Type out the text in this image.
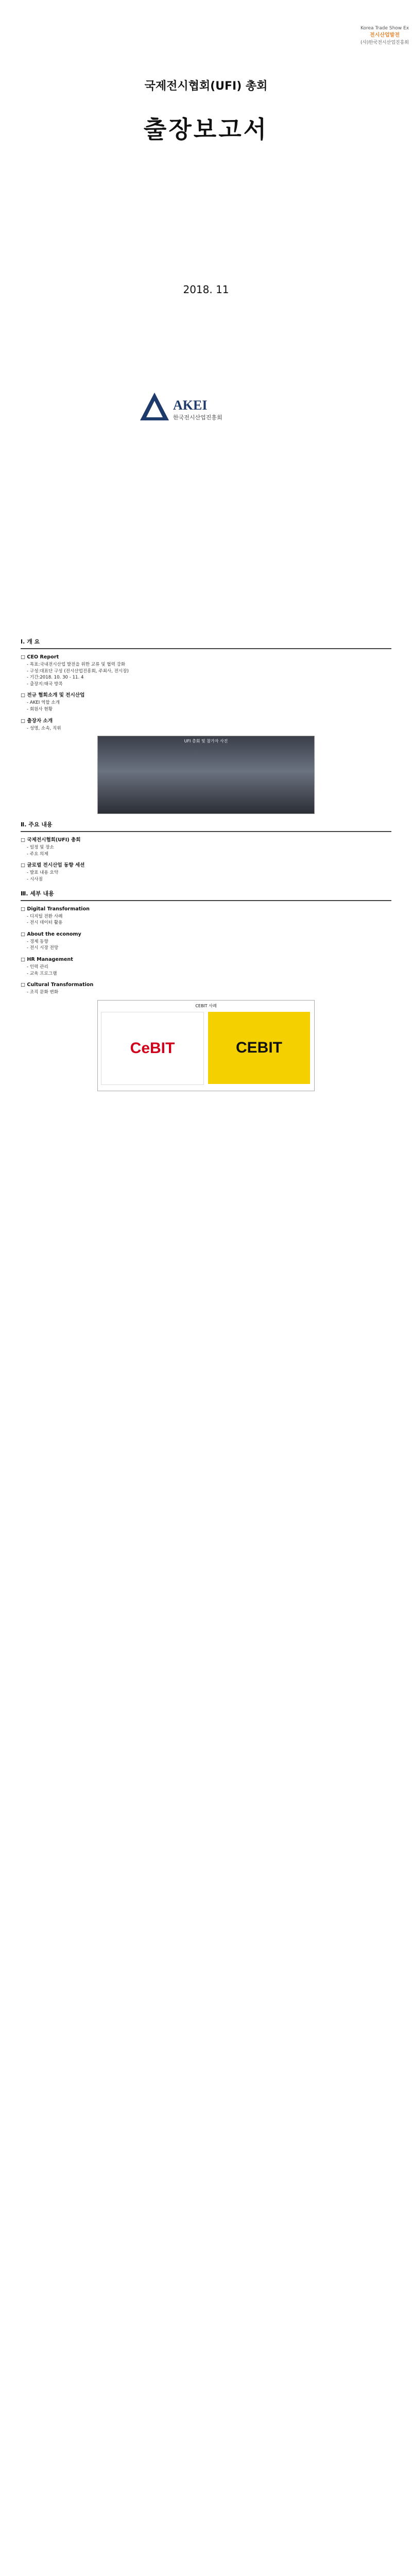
Korea Trade Show Ex
전시산업발전
(사)한국전시산업진흥회
국제전시협회(UFI) 총회
출장보고서
2018. 11
AKEI
한국전시산업진흥회
Ⅰ. 개 요
□ CEO Report
- 목표:국내전시산업 발전을 위한 교류 및 협력 강화
- 구성:대표단 구성 (전시산업진흥회, 주최사, 전시장)
- 기간:2018. 10. 30 - 11. 4
- 출장지:태국 방콕
□ 전규 협회소개 및 전시산업
- AKEI 역할 소개
- 회원사 현황
□ 출장자 소개
- 성명, 소속, 직위
UFI 총회 및 참가자 사진
Ⅱ. 주요 내용
□ 국제전시협회(UFI) 총회
- 일정 및 장소
- 주요 의제
□ 글로벌 전시산업 동향 세션
- 발표 내용 요약
- 시사점
Ⅲ. 세부 내용
□ Digital Transformation
- 디지털 전환 사례
- 전시 데이터 활용
□ About the economy
- 경제 동향
- 전시 시장 전망
□ HR Management
- 인력 관리
- 교육 프로그램
□ Cultural Transformation
- 조직 문화 변화
CEBIT 사례
CeBIT	CEBIT
